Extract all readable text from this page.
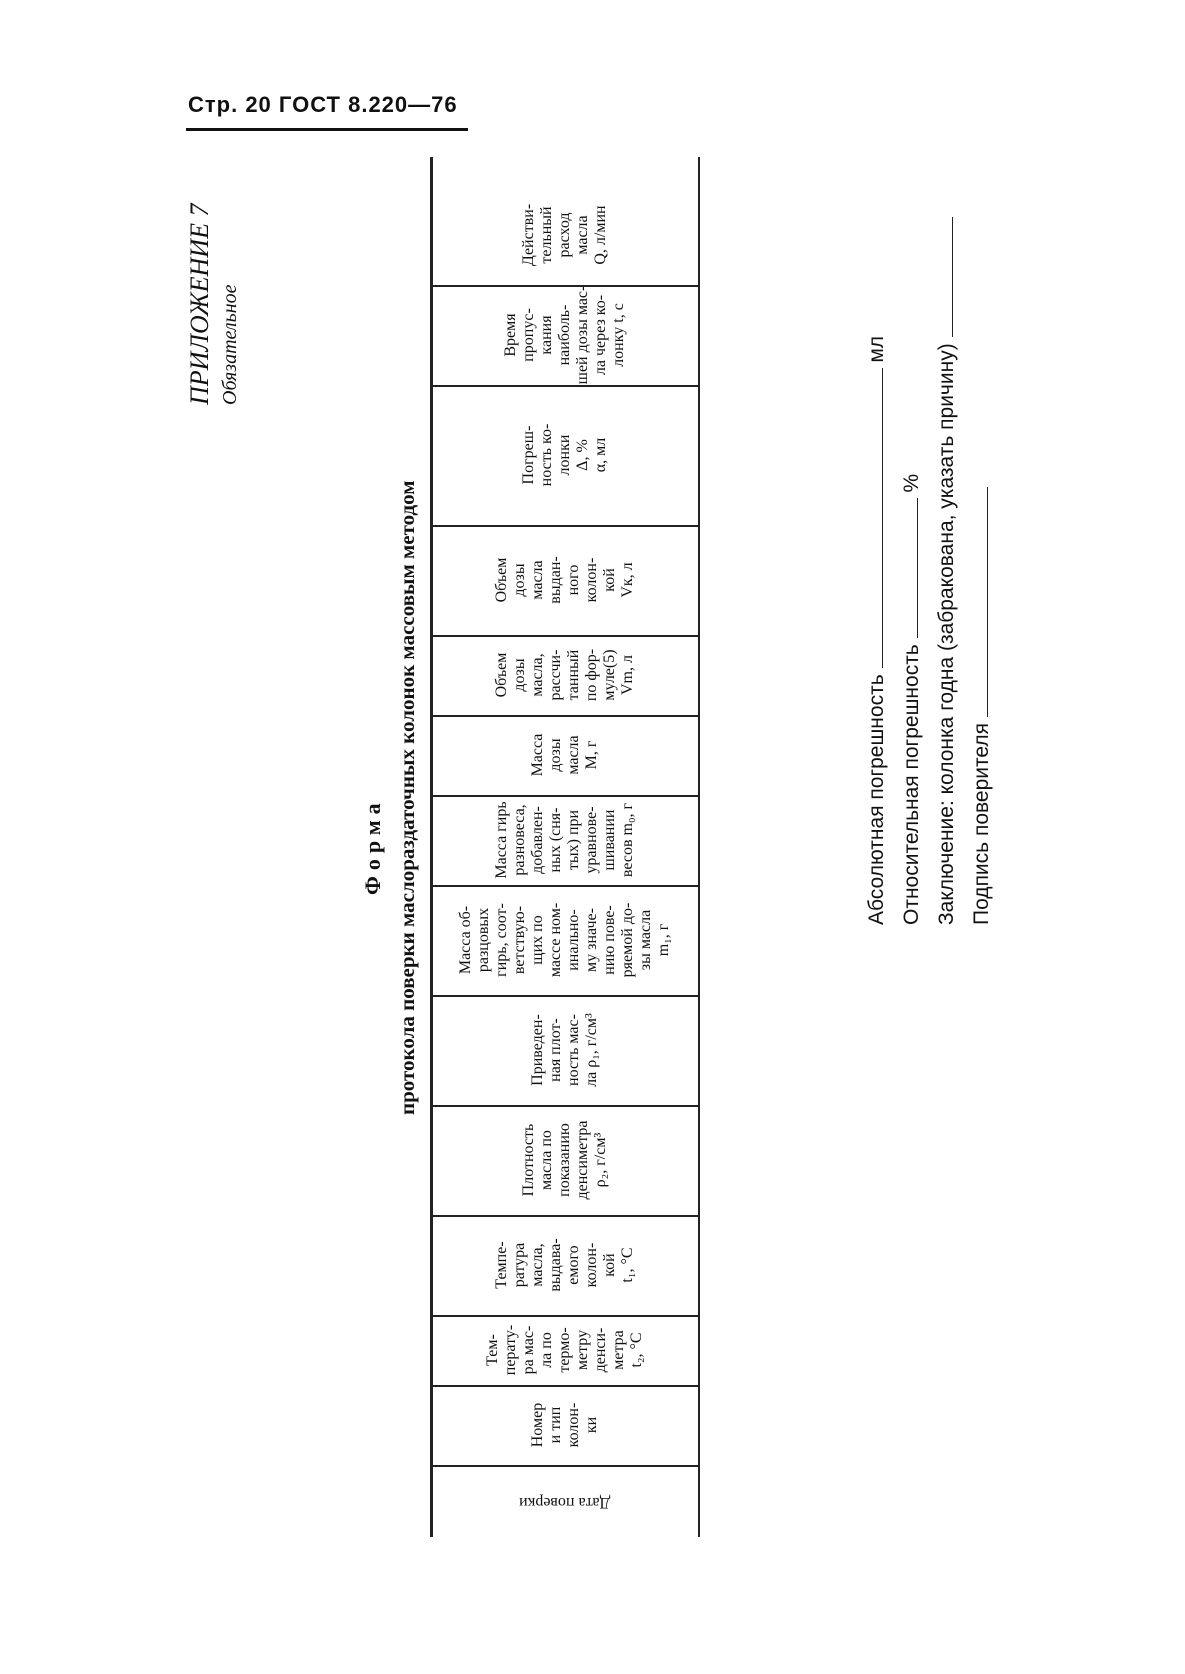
Стр. 20 ГОСТ 8.220—76
ПРИЛОЖЕНИЕ 7 Обязательное
Форма протокола поверки маслораздаточных колонок массовым методом
Дата поверки
Номер
и тип
колон-
ки
Тем-
перату-
ра мас-
ла по
термо-
метру
денси-
метра
t₂, °C
Темпе-
ратура
масла,
выдава-
емого
колон-
кой
t₁, °C
Плотность
масла по
показанию
денсиметра
ρ₂, г/см³
Приведен-
ная плот-
ность мас-
ла ρ₁, г/см³
Масса об-
разцовых
гирь, соот-
ветствую-
щих по
массе ном-
инально-
му значе-
нию пове-
ряемой до-
зы масла
m₁, г
Масса гирь
разновеса,
добавлен-
ных (сня-
тых) при
уравнове-
шивании
весов m₀, г
Масса
дозы
масла
M, г
Объем
дозы
масла,
рассчи-
танный
по фор-
муле(5)
Vm, л
Объем
дозы
масла
выдан-
ного
колон-
кой
Vк, л
Погреш-
ность ко-
лонки
Δ, %
α, мл
Время пропус-
кания наиболь-
шей дозы мас-
ла через ко-
лонку t, с
Действи-
тельный
расход
масла
Q, л/мин
Абсолютная погрешность  мл
Относительная погрешность  % Заключение: колонка годна (забракована, указать причину) Подпись поверителя
